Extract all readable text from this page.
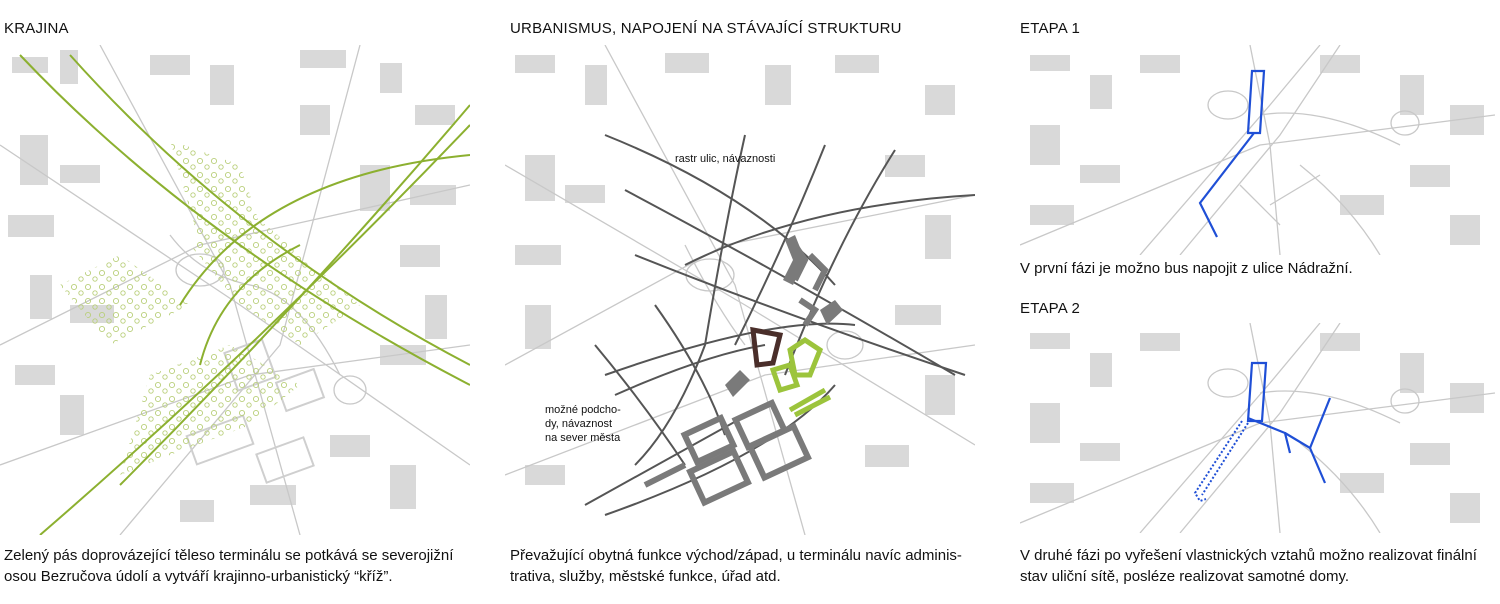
KRAJINA
Zelený pás doprovázející těleso terminálu se potkává se severojižní
osou Bezručova údolí a vytváří krajinno-urbanistický “kříž”.
URBANISMUS, NAPOJENÍ NA STÁVAJÍCÍ STRUKTURU
rastr ulic, návaznosti
možné podcho-
dy, návaznost
na sever města
Převažující obytná funkce východ/západ, u terminálu navíc adminis-
trativa, služby, městské funkce, úřad atd.
ETAPA 1
V první fázi je možno bus napojit z ulice Nádražní.
ETAPA 2
V druhé fázi po vyřešení vlastnických vztahů možno realizovat finální
stav uliční sítě, posléze realizovat samotné domy.
